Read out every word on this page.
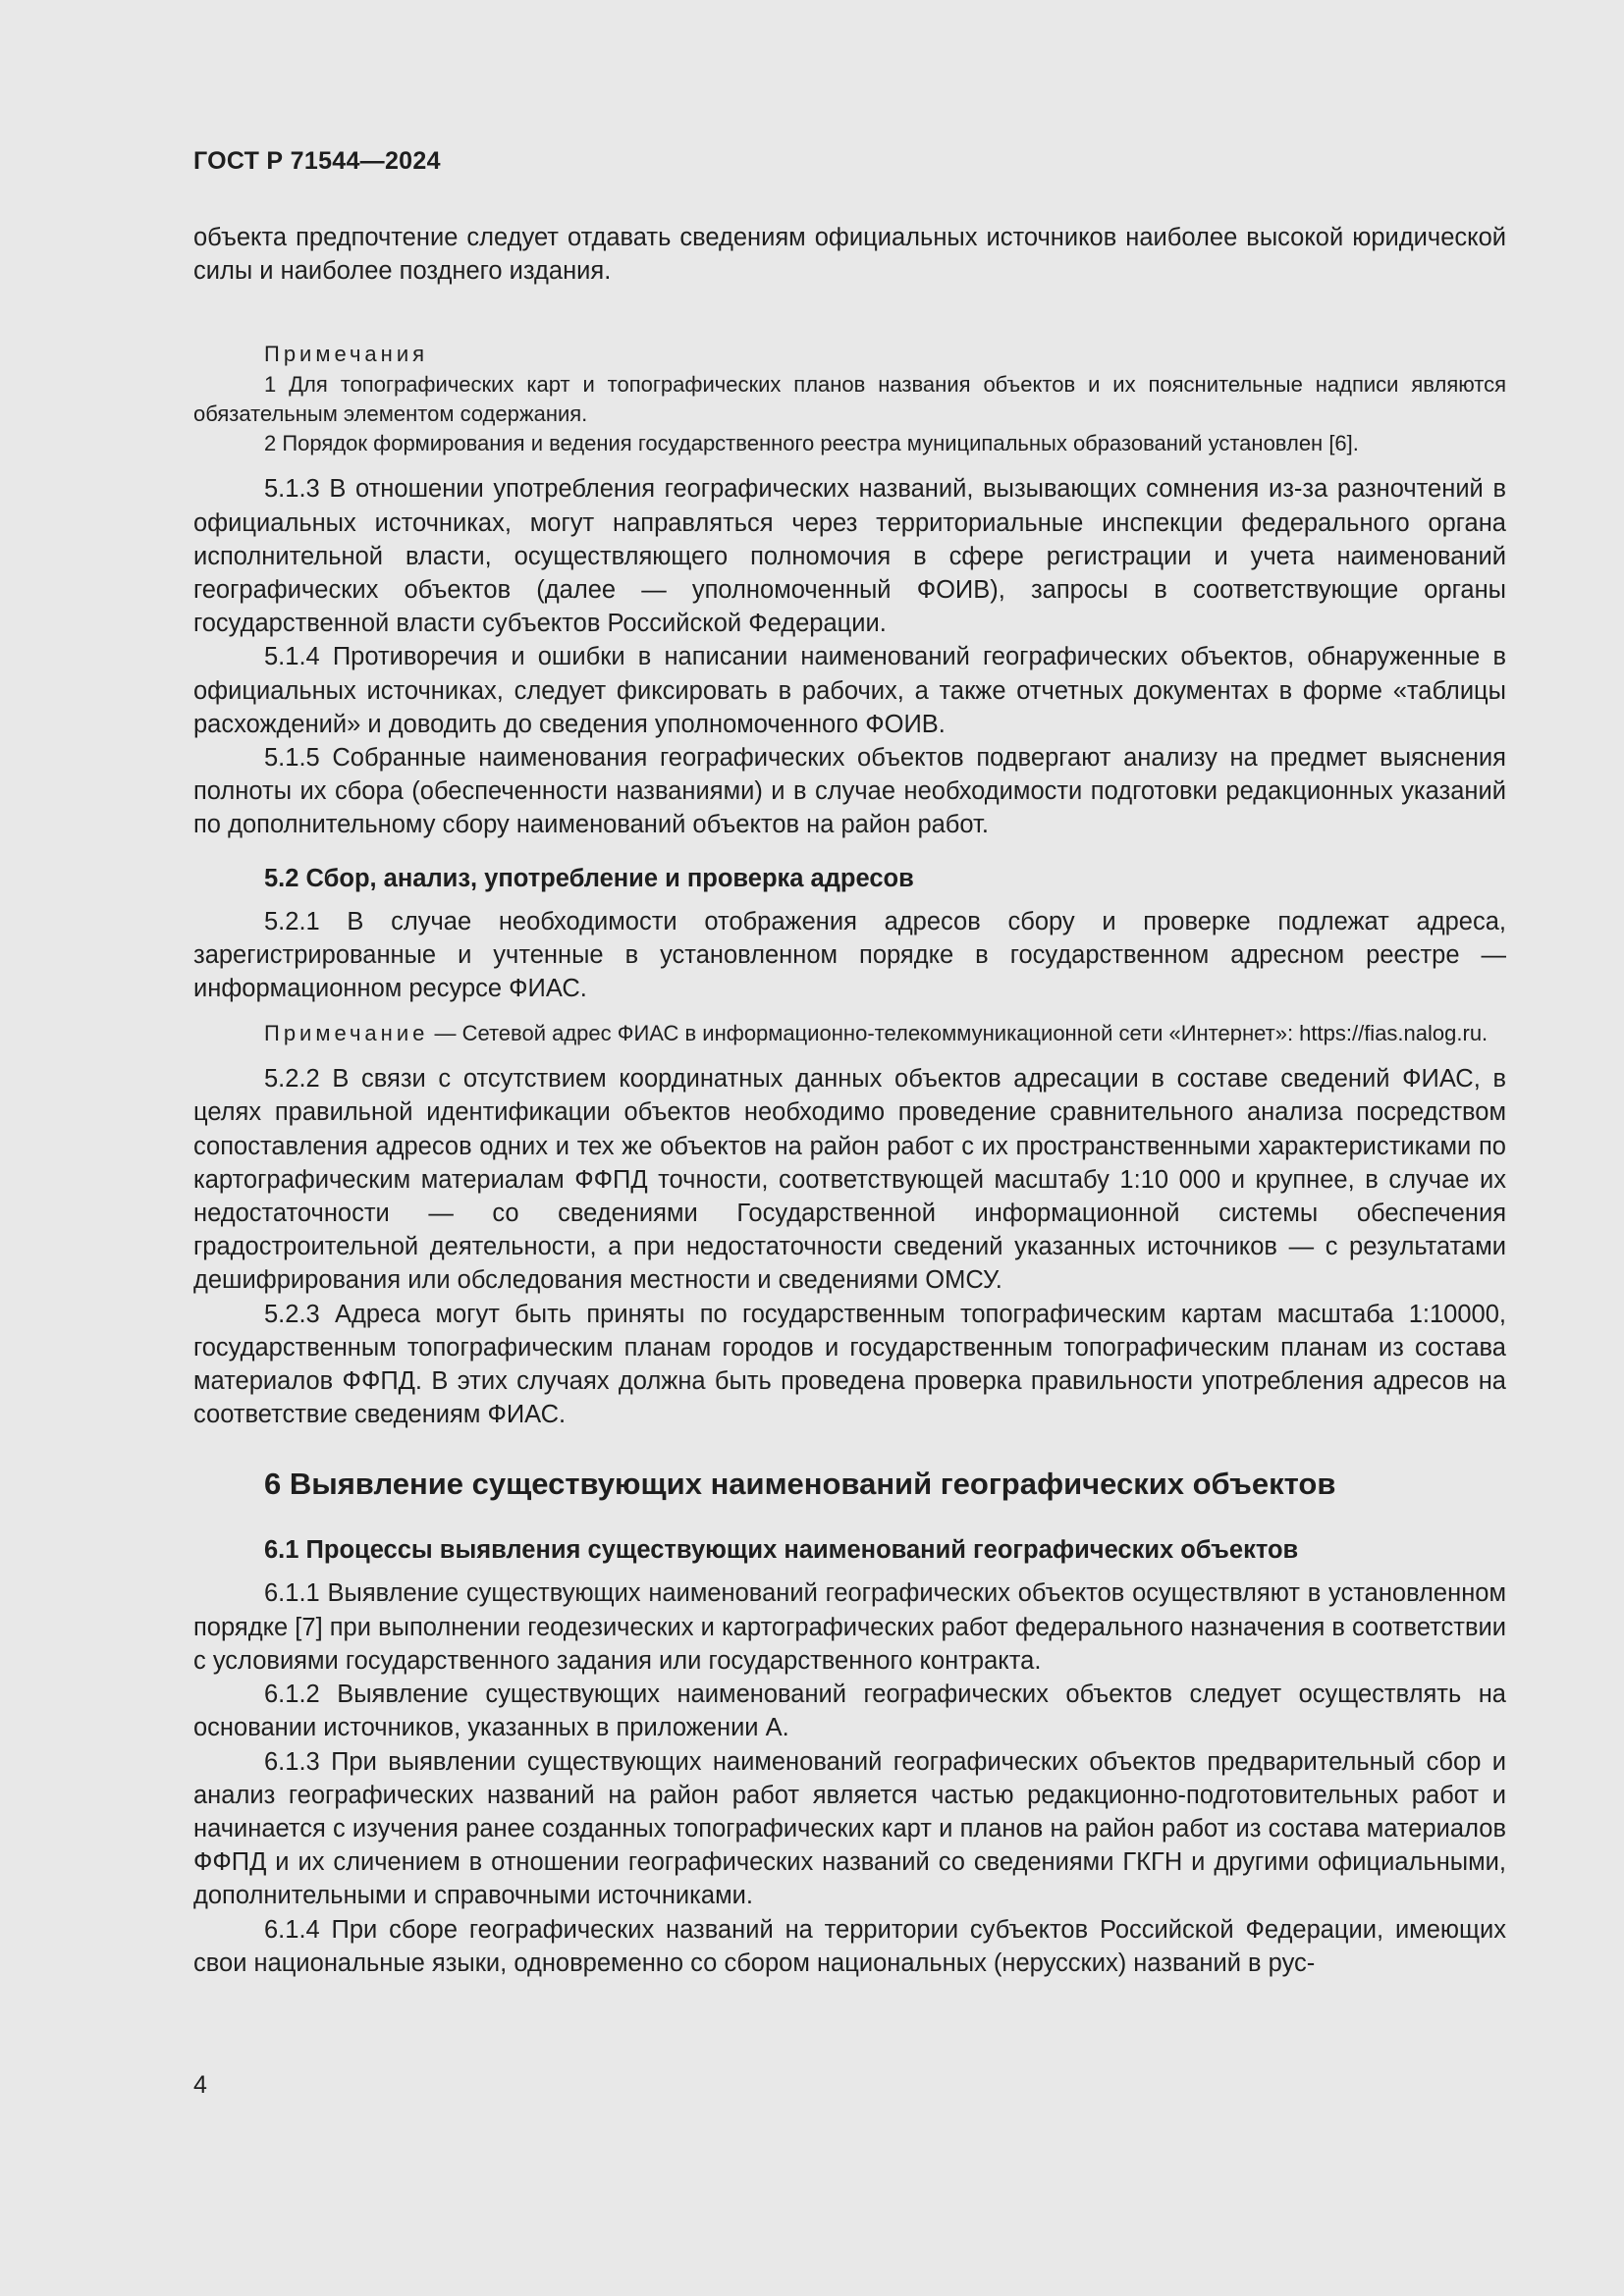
ГОСТ Р 71544—2024

объекта предпочтение следует отдавать сведениям официальных источников наиболее высокой юридической силы и наиболее позднего издания.

Примечания
1 Для топографических карт и топографических планов названия объектов и их пояснительные надписи являются обязательным элементом содержания.
2 Порядок формирования и ведения государственного реестра муниципальных образований установлен [6].

5.1.3 В отношении употребления географических названий, вызывающих сомнения из-за разночтений в официальных источниках, могут направляться через территориальные инспекции федерального органа исполнительной власти, осуществляющего полномочия в сфере регистрации и учета наименований географических объектов (далее — уполномоченный ФОИВ), запросы в соответствующие органы государственной власти субъектов Российской Федерации.

5.1.4 Противоречия и ошибки в написании наименований географических объектов, обнаруженные в официальных источниках, следует фиксировать в рабочих, а также отчетных документах в форме «таблицы расхождений» и доводить до сведения уполномоченного ФОИВ.

5.1.5 Собранные наименования географических объектов подвергают анализу на предмет выяснения полноты их сбора (обеспеченности названиями) и в случае необходимости подготовки редакционных указаний по дополнительному сбору наименований объектов на район работ.

5.2 Сбор, анализ, употребление и проверка адресов

5.2.1 В случае необходимости отображения адресов сбору и проверке подлежат адреса, зарегистрированные и учтенные в установленном порядке в государственном адресном реестре — информационном ресурсе ФИАС.

Примечание — Сетевой адрес ФИАС в информационно-телекоммуникационной сети «Интернет»: https://fias.nalog.ru.

5.2.2 В связи с отсутствием координатных данных объектов адресации в составе сведений ФИАС, в целях правильной идентификации объектов необходимо проведение сравнительного анализа посредством сопоставления адресов одних и тех же объектов на район работ с их пространственными характеристиками по картографическим материалам ФФПД точности, соответствующей масштабу 1:10 000 и крупнее, в случае их недостаточности — со сведениями Государственной информационной системы обеспечения градостроительной деятельности, а при недостаточности сведений указанных источников — с результатами дешифрирования или обследования местности и сведениями ОМСУ.

5.2.3 Адреса могут быть приняты по государственным топографическим картам масштаба 1:10000, государственным топографическим планам городов и государственным топографическим планам из состава материалов ФФПД. В этих случаях должна быть проведена проверка правильности употребления адресов на соответствие сведениям ФИАС.

6 Выявление существующих наименований географических объектов
6.1 Процессы выявления существующих наименований географических объектов

6.1.1 Выявление существующих наименований географических объектов осуществляют в установленном порядке [7] при выполнении геодезических и картографических работ федерального назначения в соответствии с условиями государственного задания или государственного контракта.

6.1.2 Выявление существующих наименований географических объектов следует осуществлять на основании источников, указанных в приложении А.

6.1.3 При выявлении существующих наименований географических объектов предварительный сбор и анализ географических названий на район работ является частью редакционно-подготовительных работ и начинается с изучения ранее созданных топографических карт и планов на район работ из состава материалов ФФПД и их сличением в отношении географических названий со сведениями ГКГН и другими официальными, дополнительными и справочными источниками.

6.1.4 При сборе географических названий на территории субъектов Российской Федерации, имеющих свои национальные языки, одновременно со сбором национальных (нерусских) названий в рус-

4
